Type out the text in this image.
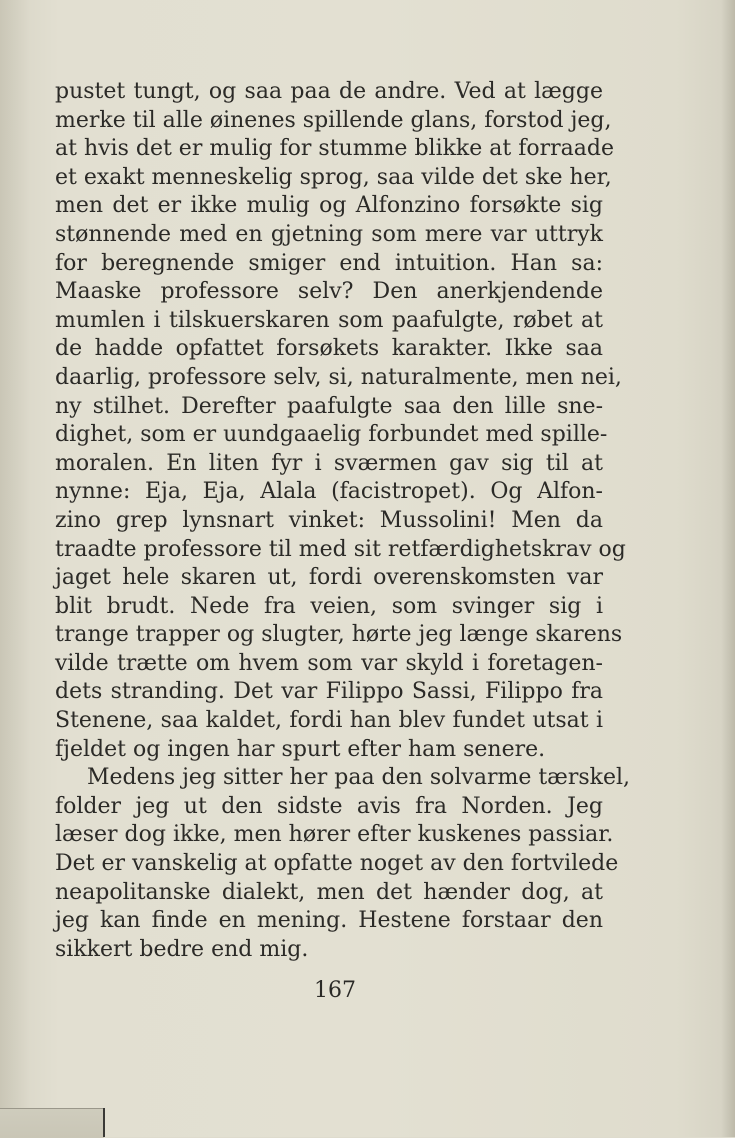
pustet tungt, og saa paa de andre. Ved at lægge
merke til alle øinenes spillende glans, forstod jeg,
at hvis det er mulig for stumme blikke at forraade
et exakt menneskelig sprog, saa vilde det ske her,
men det er ikke mulig og Alfonzino forsøkte sig
stønnende med en gjetning som mere var uttryk
for beregnende smiger end intuition. Han sa:
Maaske professore selv? Den anerkjendende
mumlen i tilskuerskaren som paafulgte, røbet at
de hadde opfattet forsøkets karakter. Ikke saa
daarlig, professore selv, si, naturalmente, men nei,
ny stilhet. Derefter paafulgte saa den lille sne-
dighet, som er uundgaaelig forbundet med spille-
moralen. En liten fyr i sværmen gav sig til at
nynne: Eja, Eja, Alala (facistropet). Og Alfon-
zino grep lynsnart vinket: Mussolini! Men da
traadte professore til med sit retfærdighetskrav og
jaget hele skaren ut, fordi overenskomsten var
blit brudt. Nede fra veien, som svinger sig i
trange trapper og slugter, hørte jeg længe skarens
vilde trætte om hvem som var skyld i foretagen-
dets stranding. Det var Filippo Sassi, Filippo fra
Stenene, saa kaldet, fordi han blev fundet utsat i
fjeldet og ingen har spurt efter ham senere.
Medens jeg sitter her paa den solvarme tærskel,
folder jeg ut den sidste avis fra Norden. Jeg
læser dog ikke, men hører efter kuskenes passiar.
Det er vanskelig at opfatte noget av den fortvilede
neapolitanske dialekt, men det hænder dog, at
jeg kan finde en mening. Hestene forstaar den
sikkert bedre end mig.
167
